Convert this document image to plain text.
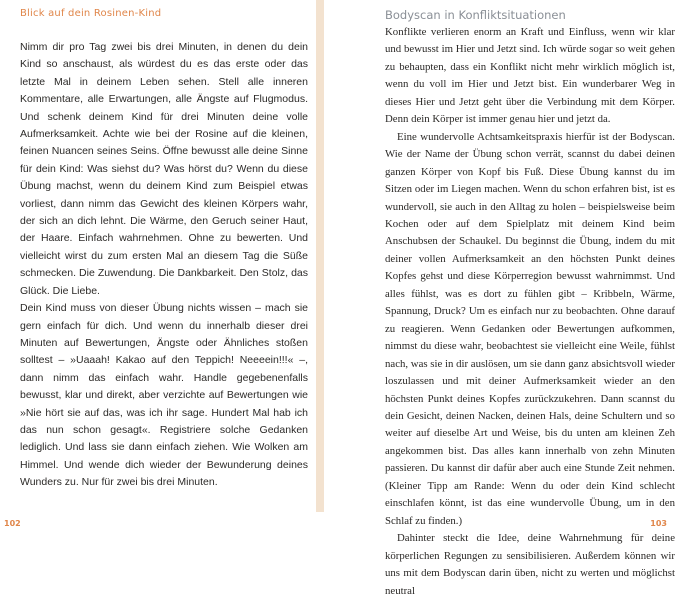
Blick auf dein Rosinen-Kind

Nimm dir pro Tag zwei bis drei Minuten, in denen du dein Kind so anschaust, als würdest du es das erste oder das letzte Mal in deinem Leben sehen. Stell alle inneren Kommentare, alle Erwartungen, alle Ängste auf Flugmodus. Und schenk deinem Kind für drei Minuten deine volle Aufmerksamkeit. Achte wie bei der Rosine auf die kleinen, feinen Nuancen seines Seins. Öffne bewusst alle deine Sinne für dein Kind: Was siehst du? Was hörst du? Wenn du diese Übung machst, wenn du deinem Kind zum Beispiel etwas vorliest, dann nimm das Gewicht des kleinen Körpers wahr, der sich an dich lehnt. Die Wärme, den Geruch seiner Haut, der Haare. Einfach wahrnehmen. Ohne zu bewerten. Und vielleicht wirst du zum ersten Mal an diesem Tag die Süße schmecken. Die Zuwendung. Die Dankbarkeit. Den Stolz, das Glück. Die Liebe.

Dein Kind muss von dieser Übung nichts wissen – mach sie gern einfach für dich. Und wenn du innerhalb dieser drei Minuten auf Bewertungen, Ängste oder Ähnliches stoßen solltest – »Uaaah! Kakao auf den Teppich! Neeeein!!!« –, dann nimm das einfach wahr. Handle gegebenenfalls bewusst, klar und direkt, aber verzichte auf Bewertungen wie »Nie hört sie auf das, was ich ihr sage. Hundert Mal hab ich das nun schon gesagt«. Registriere solche Gedanken lediglich. Und lass sie dann einfach ziehen. Wie Wolken am Himmel. Und wende dich wieder der Bewunderung deines Wunders zu. Nur für zwei bis drei Minuten.

102
Bodyscan in Konfliktsituationen

Konflikte verlieren enorm an Kraft und Einfluss, wenn wir klar und bewusst im Hier und Jetzt sind. Ich würde sogar so weit gehen zu behaupten, dass ein Konflikt nicht mehr wirklich möglich ist, wenn du voll im Hier und Jetzt bist. Ein wunderbarer Weg in dieses Hier und Jetzt geht über die Verbindung mit dem Körper. Denn dein Körper ist immer genau hier und jetzt da.

Eine wundervolle Achtsamkeitspraxis hierfür ist der Bodyscan. Wie der Name der Übung schon verrät, scannst du dabei deinen ganzen Körper von Kopf bis Fuß. Diese Übung kannst du im Sitzen oder im Liegen machen. Wenn du schon erfahren bist, ist es wundervoll, sie auch in den Alltag zu holen – beispielsweise beim Kochen oder auf dem Spielplatz mit deinem Kind beim Anschubsen der Schaukel. Du beginnst die Übung, indem du mit deiner vollen Aufmerksamkeit an den höchsten Punkt deines Kopfes gehst und diese Körperregion bewusst wahrnimmst. Und alles fühlst, was es dort zu fühlen gibt – Kribbeln, Wärme, Spannung, Druck? Um es einfach nur zu beobachten. Ohne darauf zu reagieren. Wenn Gedanken oder Bewertungen aufkommen, nimmst du diese wahr, beobachtest sie vielleicht eine Weile, fühlst nach, was sie in dir auslösen, um sie dann ganz absichtsvoll wieder loszulassen und mit deiner Aufmerksamkeit wieder an den höchsten Punkt deines Kopfes zurückzukehren. Dann scannst du dein Gesicht, deinen Nacken, deinen Hals, deine Schultern und so weiter auf dieselbe Art und Weise, bis du unten am kleinen Zeh angekommen bist. Das alles kann innerhalb von zehn Minuten passieren. Du kannst dir dafür aber auch eine Stunde Zeit nehmen. (Kleiner Tipp am Rande: Wenn du oder dein Kind schlecht einschlafen könnt, ist das eine wundervolle Übung, um in den Schlaf zu finden.)

Dahinter steckt die Idee, deine Wahrnehmung für deine körperlichen Regungen zu sensibilisieren. Außerdem können wir uns mit dem Bodyscan darin üben, nicht zu werten und möglichst neutral

103
